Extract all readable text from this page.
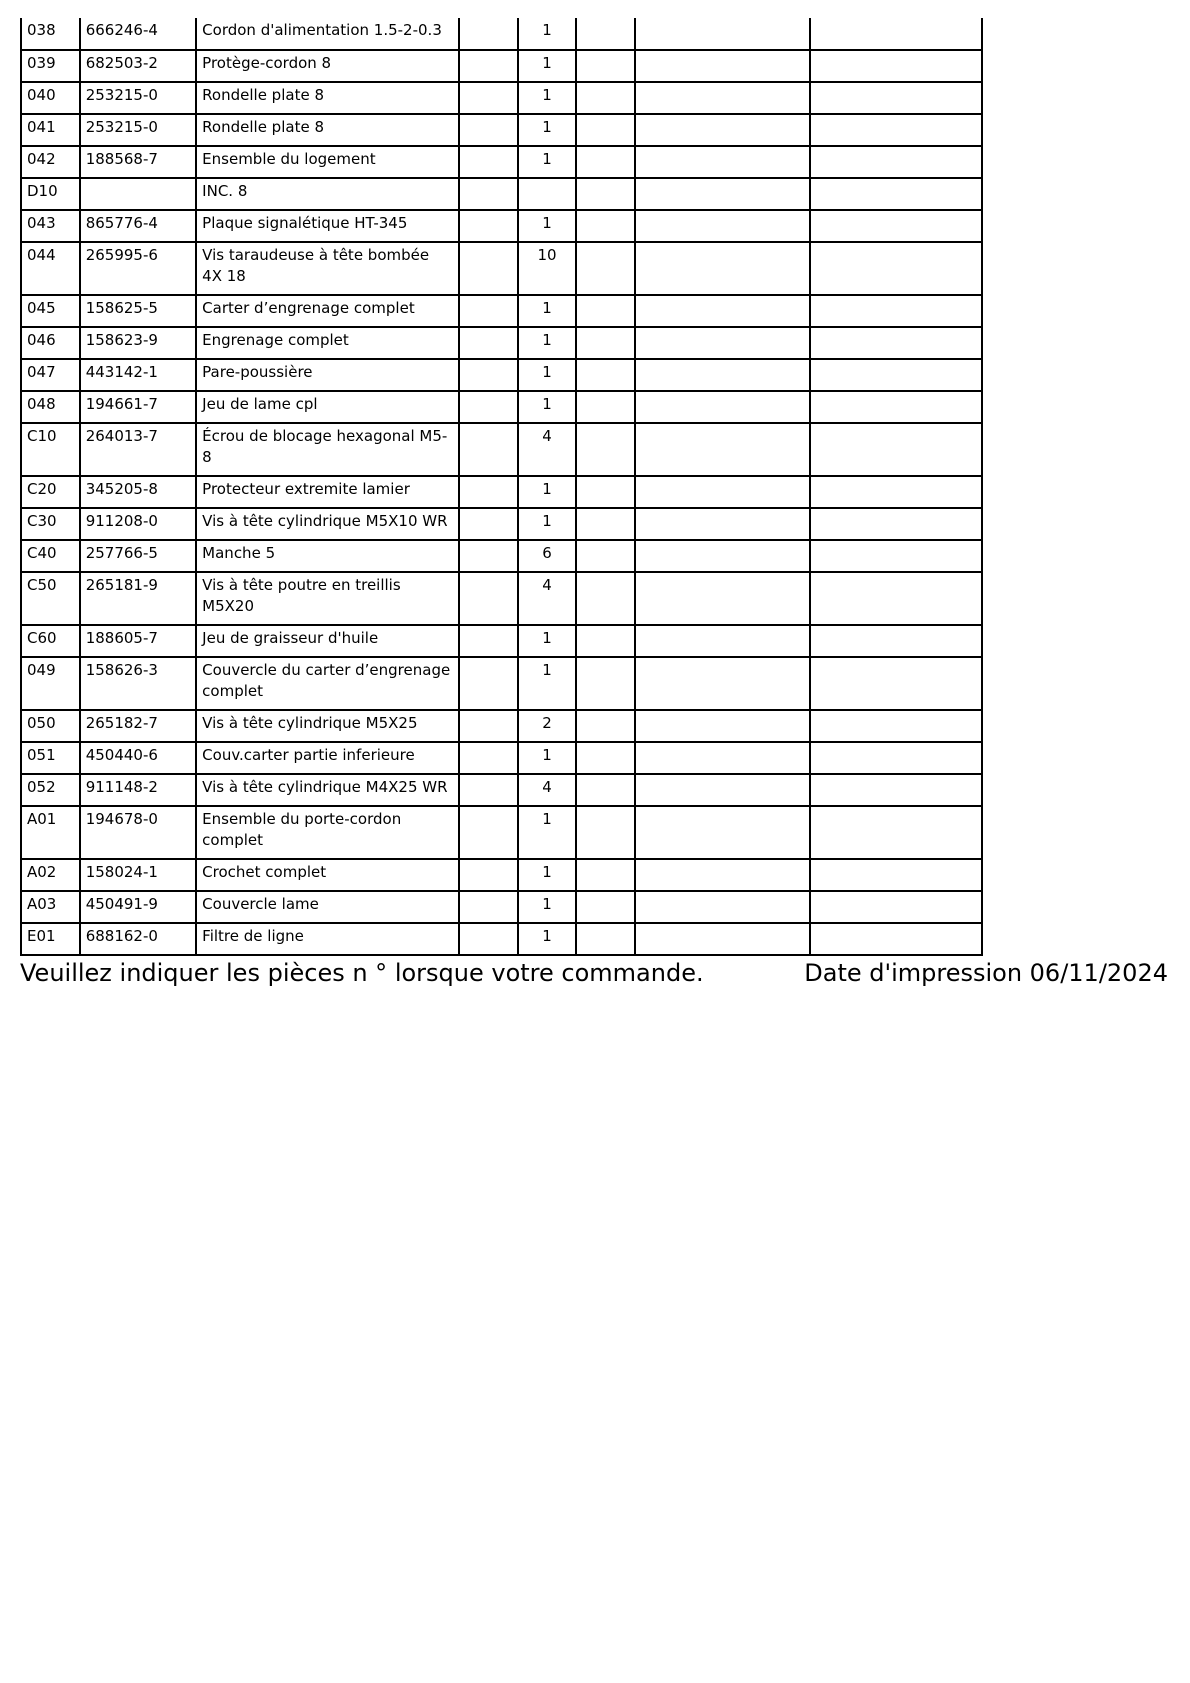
038	666246-4	Cordon d'alimentation 1.5-2-0.3		1			
039	682503-2	Protège-cordon 8		1			
040	253215-0	Rondelle plate 8		1			
041	253215-0	Rondelle plate 8		1			
042	188568-7	Ensemble du logement		1			
D10		INC. 8					
043	865776-4	Plaque signalétique HT-345		1			
044	265995-6	Vis taraudeuse à tête bombée 4X 18		10			
045	158625-5	Carter d’engrenage complet		1			
046	158623-9	Engrenage complet		1			
047	443142-1	Pare-poussière		1			
048	194661-7	Jeu de lame cpl		1			
C10	264013-7	Écrou de blocage hexagonal M5-8		4			
C20	345205-8	Protecteur extremite lamier		1			
C30	911208-0	Vis à tête cylindrique M5X10 WR		1			
C40	257766-5	Manche 5		6			
C50	265181-9	Vis à tête poutre en treillis M5X20		4			
C60	188605-7	Jeu de graisseur d'huile		1			
049	158626-3	Couvercle du carter d’engrenage complet		1			
050	265182-7	Vis à tête cylindrique M5X25		2			
051	450440-6	Couv.carter partie inferieure		1			
052	911148-2	Vis à tête cylindrique M4X25 WR		4			
A01	194678-0	Ensemble du porte-cordon complet		1			
A02	158024-1	Crochet complet		1			
A03	450491-9	Couvercle lame		1			
E01	688162-0	Filtre de ligne		1			
Veuillez indiquer les pièces n ° lorsque votre commande.	Date d'impression 06/11/2024
